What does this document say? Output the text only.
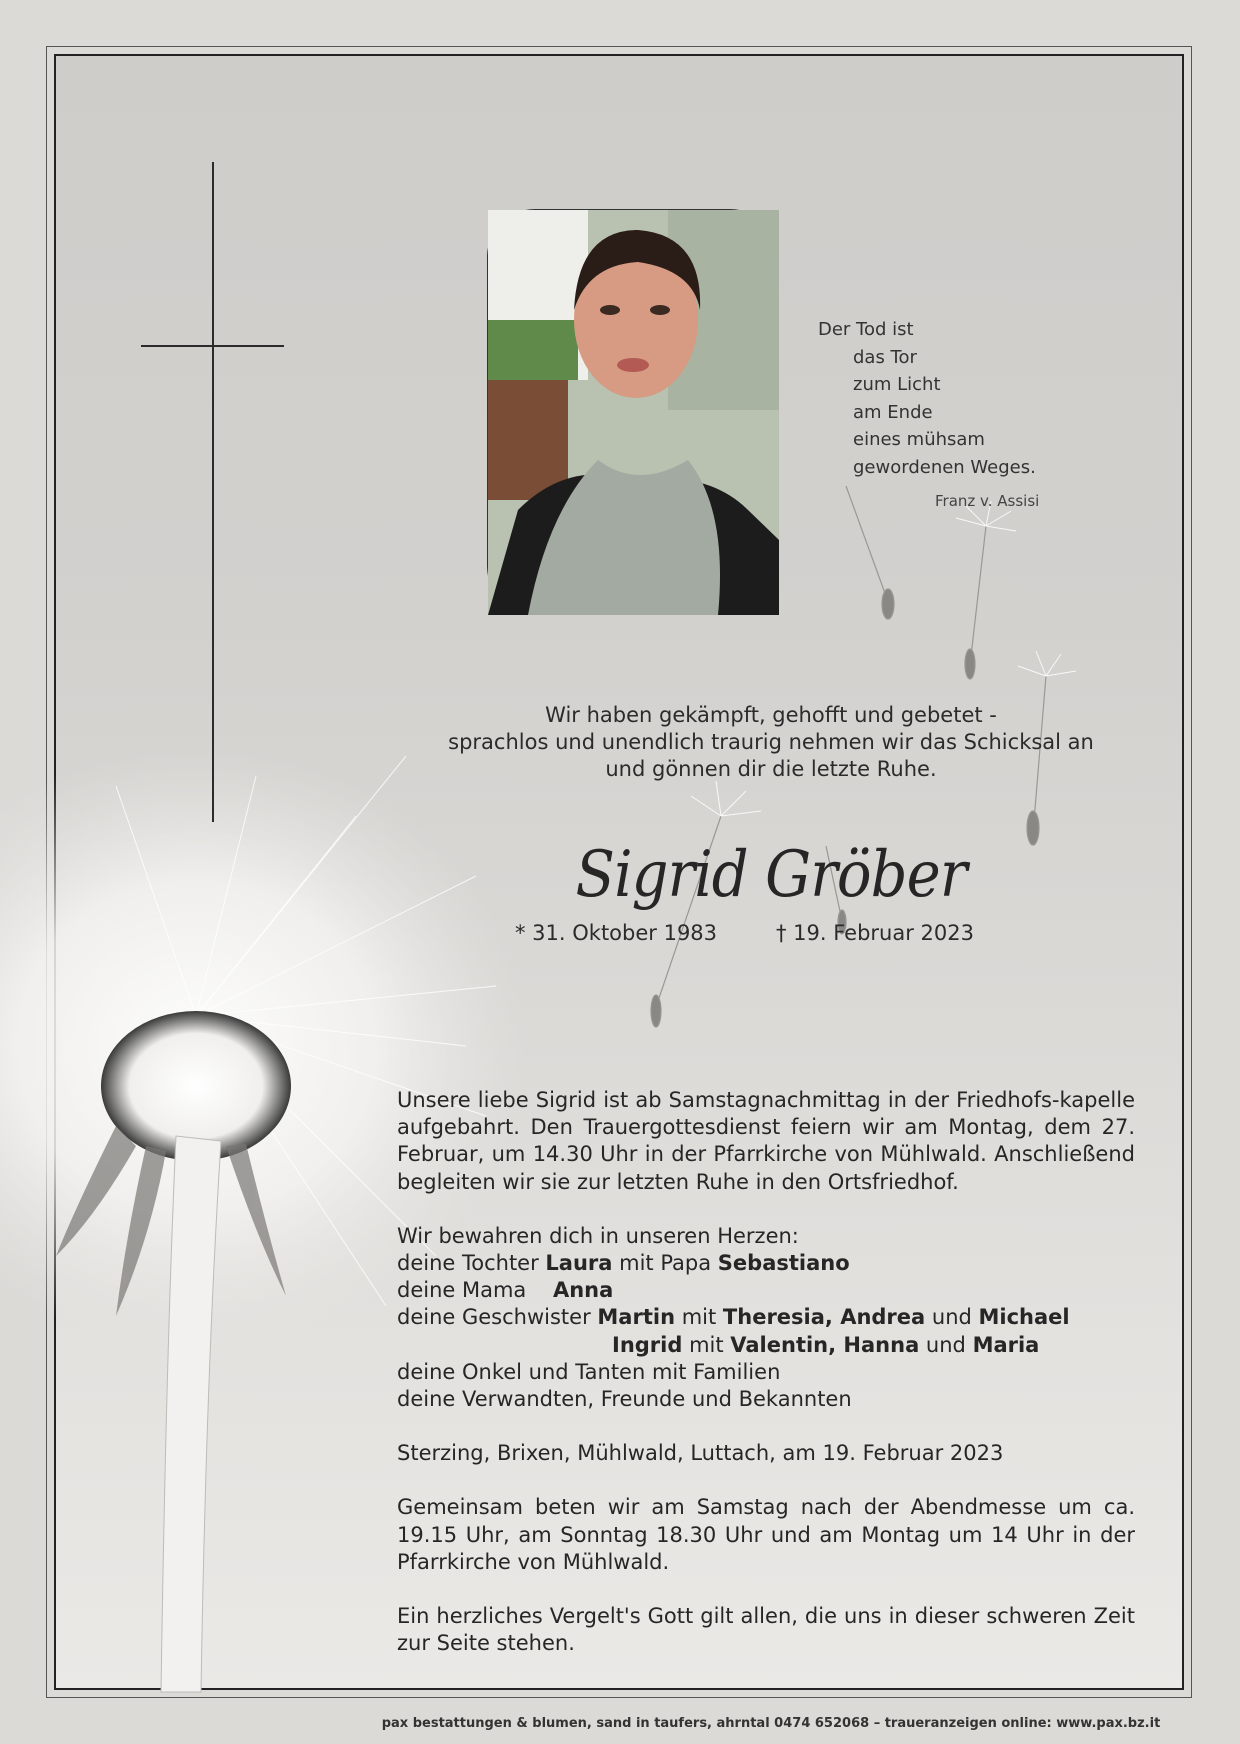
Der Tod ist
das Tor
zum Licht
am Ende
eines mühsam
gewordenen Weges.
Franz v. Assisi
Wir haben gekämpft, gehofft und gebetet -
sprachlos und unendlich traurig nehmen wir das Schicksal an
und gönnen dir die letzte Ruhe.
Sigrid Gröber
* 31. Oktober 1983	† 19. Februar 2023
Unsere liebe Sigrid ist ab Samstagnachmittag in der Friedhofs-kapelle aufgebahrt. Den Trauergottesdienst feiern wir am Montag, dem 27. Februar, um 14.30 Uhr in der Pfarrkirche von Mühlwald. Anschließend begleiten wir sie zur letzten Ruhe in den Ortsfriedhof.
Wir bewahren dich in unseren Herzen:
deine Tochter Laura mit Papa Sebastiano
deine Mama Anna
deine Geschwister Martin mit Theresia, Andrea und Michael
Ingrid mit Valentin, Hanna und Maria
deine Onkel und Tanten mit Familien
deine Verwandten, Freunde und Bekannten
Sterzing, Brixen, Mühlwald, Luttach, am 19. Februar 2023
Gemeinsam beten wir am Samstag nach der Abendmesse um ca. 19.15 Uhr, am Sonntag 18.30 Uhr und am Montag um 14 Uhr in der Pfarrkirche von Mühlwald.
Ein herzliches Vergelt's Gott gilt allen, die uns in dieser schweren Zeit zur Seite stehen.
pax bestattungen & blumen, sand in taufers, ahrntal 0474 652068 – traueranzeigen online: www.pax.bz.it
